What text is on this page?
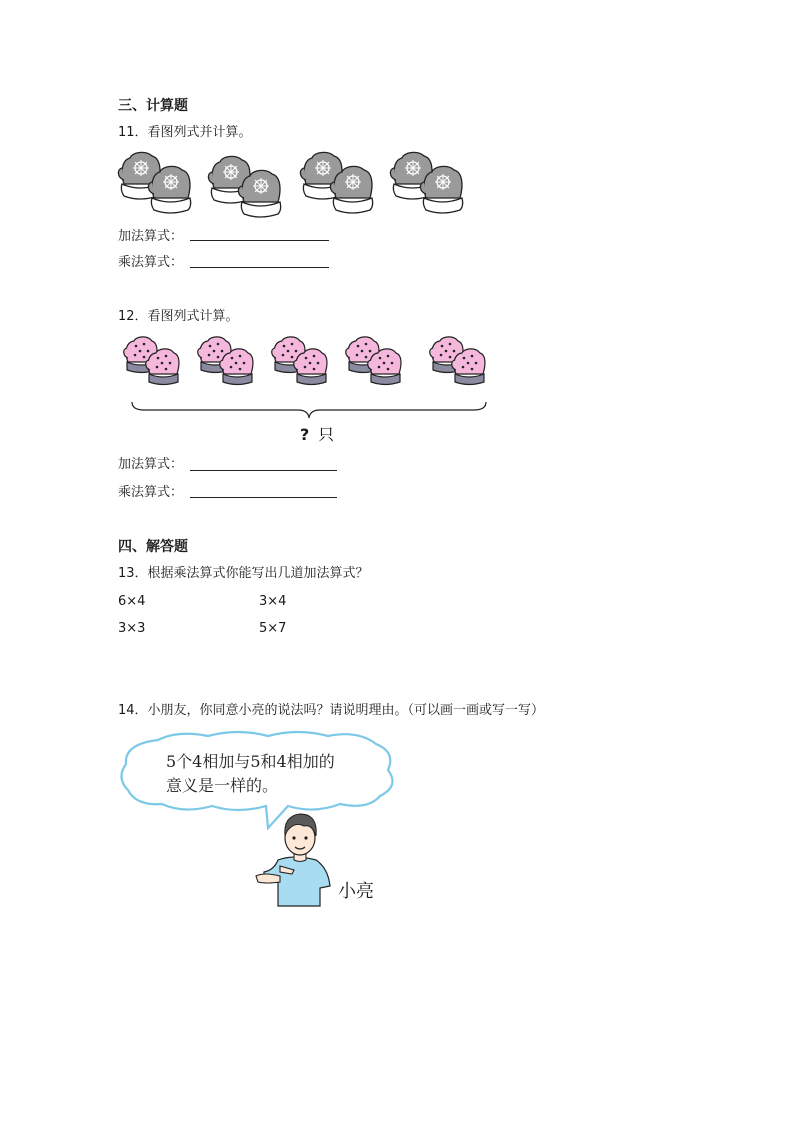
三、计算题
11．看图列式并计算。
加法算式：
乘法算式：
12．看图列式计算。
? 只
加法算式：
乘法算式：
四、解答题
13．根据乘法算式你能写出几道加法算式？
6×4	3×4
3×3	5×7
14．小朋友，你同意小亮的说法吗？请说明理由。（可以画一画或写一写）
5个4相加与5和4相加的
意义是一样的。
小亮
